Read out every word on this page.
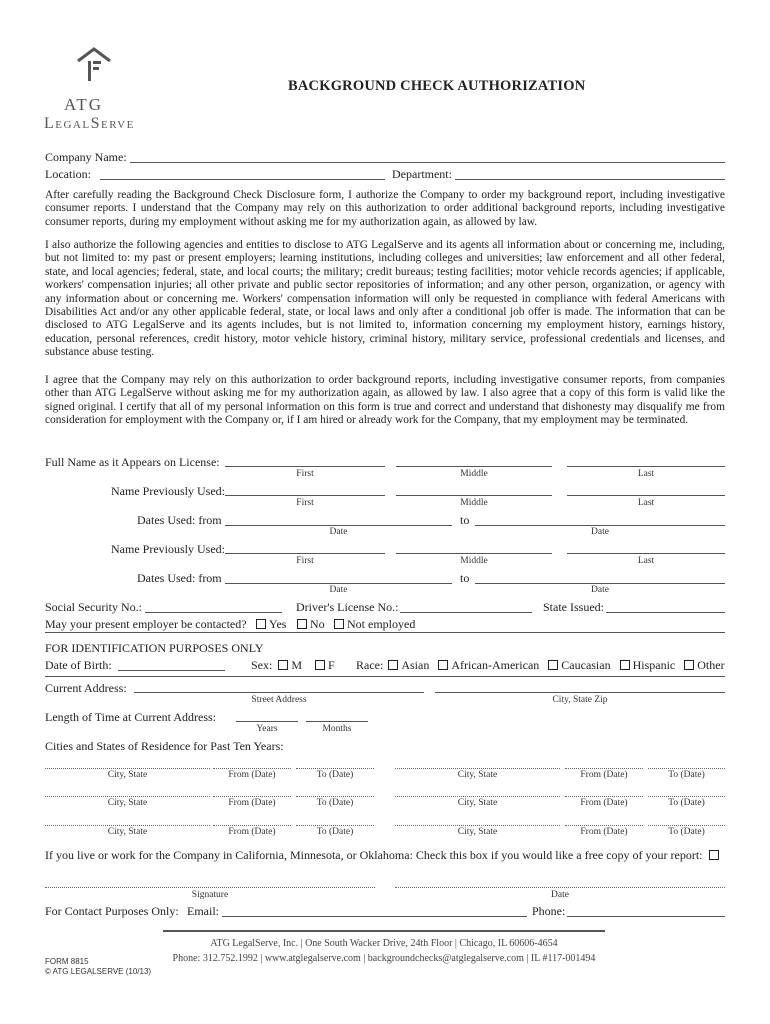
ATG
LegalServe
BACKGROUND CHECK AUTHORIZATION
Company Name:
Location:	Department:
After carefully reading the Background Check Disclosure form, I authorize the Company to order my background report, including investigative consumer reports. I understand that the Company may rely on this authorization to order additional background reports, including investigative consumer reports, during my employment without asking me for my authorization again, as allowed by law.
I also authorize the following agencies and entities to disclose to ATG LegalServe and its agents all information about or concerning me, including, but not limited to: my past or present employers; learning institutions, including colleges and universities; law enforcement and all other federal, state, and local agencies; federal, state, and local courts; the military; credit bureaus; testing facilities; motor vehicle records agencies; if applicable, workers' compensation injuries; all other private and public sector repositories of information; and any other person, organization, or agency with any information about or concerning me. Workers' compensation information will only be requested in compliance with federal Americans with Disabilities Act and/or any other applicable federal, state, or local laws and only after a conditional job offer is made. The information that can be disclosed to ATG LegalServe and its agents includes, but is not limited to, information concerning my employment history, earnings history, education, personal references, credit history, motor vehicle history, criminal history, military service, professional credentials and licenses, and substance abuse testing.
I agree that the Company may rely on this authorization to order background reports, including investigative consumer reports, from companies other than ATG LegalServe without asking me for my authorization again, as allowed by law. I also agree that a copy of this form is valid like the signed original. I certify that all of my personal information on this form is true and correct and understand that dishonesty may disqualify me from consideration for employment with the Company or, if I am hired or already work for the Company, that my employment may be terminated.
Full Name as it Appears on License:
First	Middle	Last
Name Previously Used:
First	Middle	Last
Dates Used: from	to
Date	Date
Name Previously Used:
First	Middle	Last
Dates Used: from	to
Date	Date
Social Security No.:	Driver's License No.:	State Issued:
May your present employer be contacted?	Yes	No	Not employed
FOR IDENTIFICATION PURPOSES ONLY
Date of Birth:	Sex: M F Race: Asian African-American Caucasian Hispanic Other
Current Address:
Street Address	City, State Zip
Length of Time at Current Address:
Years	Months
Cities and States of Residence for Past Ten Years:
City, State	From (Date)	To (Date)	City, State	From (Date)	To (Date)
City, State	From (Date)	To (Date)	City, State	From (Date)	To (Date)
City, State	From (Date)	To (Date)	City, State	From (Date)	To (Date)
If you live or work for the Company in California, Minnesota, or Oklahoma: Check this box if you would like a free copy of your report:
Signature	Date
For Contact Purposes Only: Email:	Phone:
ATG LegalServe, Inc. | One South Wacker Drive, 24th Floor | Chicago, IL 60606-4654
Phone: 312.752.1992 | www.atglegalserve.com | backgroundchecks@atglegalserve.com | IL #117-001494
FORM 8815
© ATG LEGALSERVE (10/13)
